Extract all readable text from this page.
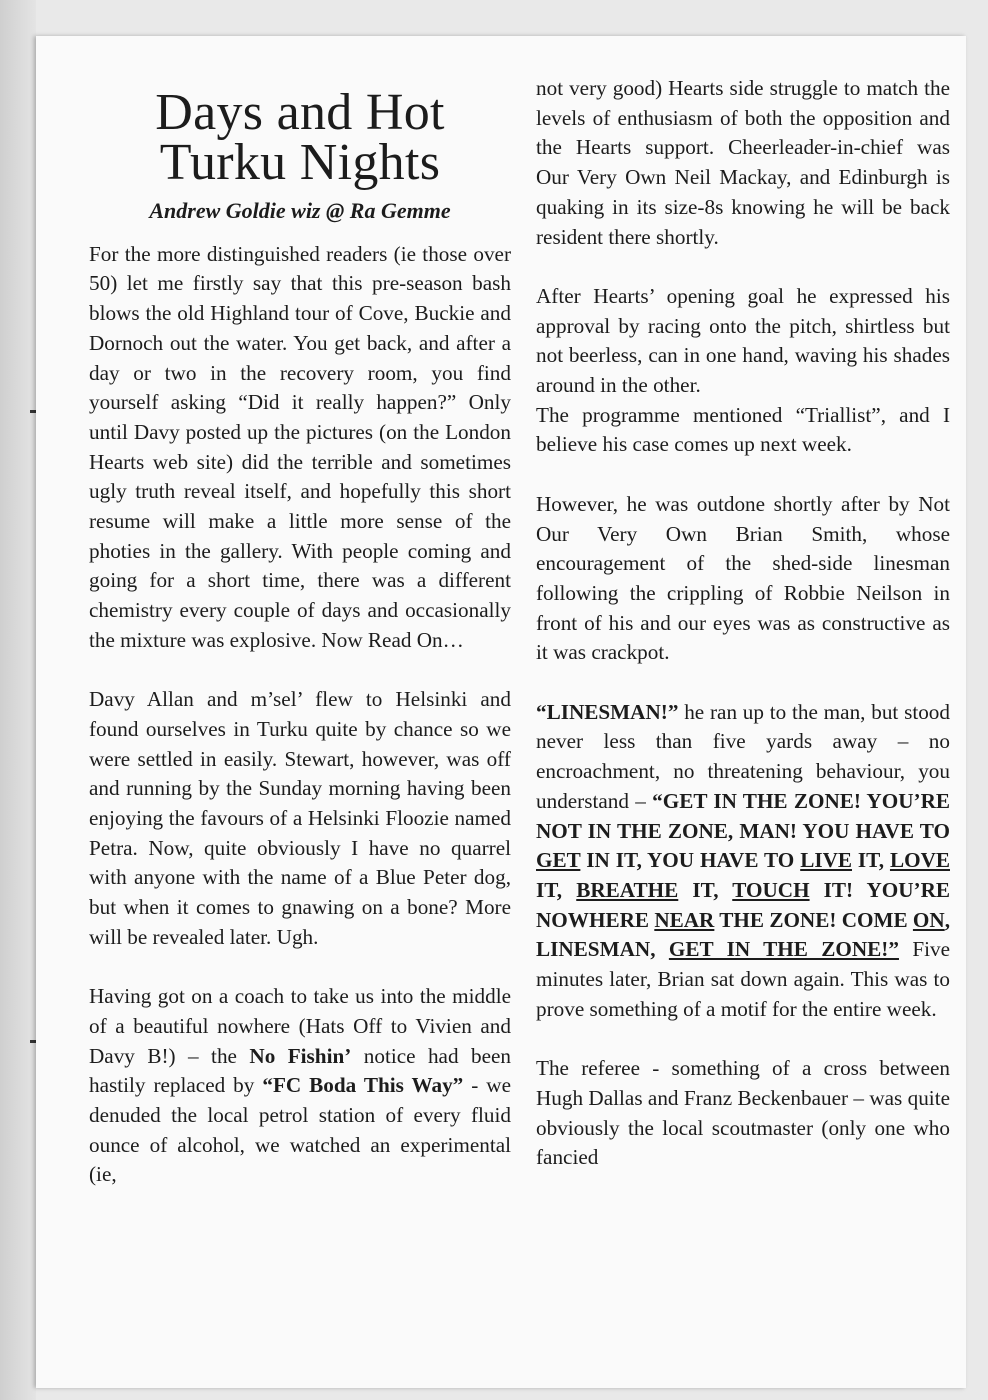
Days and Hot
Turku Nights
Andrew Goldie wiz @ Ra Gemme

For the more distinguished readers (ie those over 50) let me firstly say that this pre-season bash blows the old Highland tour of Cove, Buckie and Dornoch out the water. You get back, and after a day or two in the recovery room, you find yourself asking “Did it really happen?” Only until Davy posted up the pictures (on the London Hearts web site) did the terrible and sometimes ugly truth reveal itself, and hopefully this short resume will make a little more sense of the photies in the gallery. With people coming and going for a short time, there was a different chemistry every couple of days and occasionally the mixture was explosive. Now Read On…

Davy Allan and m’sel’ flew to Helsinki and found ourselves in Turku quite by chance so we were settled in easily. Stewart, however, was off and running by the Sunday morning having been enjoying the favours of a Helsinki Floozie named Petra. Now, quite obviously I have no quarrel with anyone with the name of a Blue Peter dog, but when it comes to gnawing on a bone? More will be revealed later. Ugh.

Having got on a coach to take us into the middle of a beautiful nowhere (Hats Off to Vivien and Davy B!) – the No Fishin’ notice had been hastily replaced by “FC Boda This Way” - we denuded the local petrol station of every fluid ounce of alcohol, we watched an experimental (ie,

not very good) Hearts side struggle to match the levels of enthusiasm of both the opposition and the Hearts support. Cheerleader-in-chief was Our Very Own Neil Mackay, and Edinburgh is quaking in its size-8s knowing he will be back resident there shortly.

After Hearts’ opening goal he expressed his approval by racing onto the pitch, shirtless but not beerless, can in one hand, waving his shades around in the other.

The programme mentioned “Triallist”, and I believe his case comes up next week.

However, he was outdone shortly after by Not Our Very Own Brian Smith, whose encouragement of the shed-side linesman following the crippling of Robbie Neilson in front of his and our eyes was as constructive as it was crackpot.

“LINESMAN!” he ran up to the man, but stood never less than five yards away – no encroachment, no threatening behaviour, you understand – “GET IN THE ZONE! YOU’RE NOT IN THE ZONE, MAN! YOU HAVE TO GET IN IT, YOU HAVE TO LIVE IT, LOVE IT, BREATHE IT, TOUCH IT! YOU’RE NOWHERE NEAR THE ZONE! COME ON, LINESMAN, GET IN THE ZONE!” Five minutes later, Brian sat down again. This was to prove something of a motif for the entire week.

The referee - something of a cross between Hugh Dallas and Franz Beckenbauer – was quite obviously the local scoutmaster (only one who fancied
